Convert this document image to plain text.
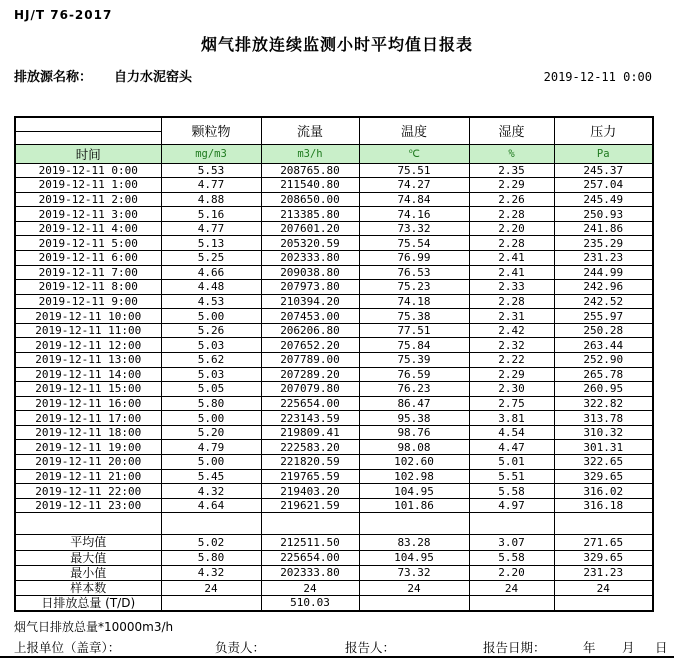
HJ/T 76-2017
烟气排放连续监测小时平均值日报表
排放源名称： 自力水泥窑头	2019-12-11 0:00
	颗粒物	流量	温度	湿度	压力

时间	mg/m3	m3/h	℃	%	Pa
2019-12-11 0:00	5.53	208765.80	75.51	2.35	245.37
2019-12-11 1:00	4.77	211540.80	74.27	2.29	257.04
2019-12-11 2:00	4.88	208650.00	74.84	2.26	245.49
2019-12-11 3:00	5.16	213385.80	74.16	2.28	250.93
2019-12-11 4:00	4.77	207601.20	73.32	2.20	241.86
2019-12-11 5:00	5.13	205320.59	75.54	2.28	235.29
2019-12-11 6:00	5.25	202333.80	76.99	2.41	231.23
2019-12-11 7:00	4.66	209038.80	76.53	2.41	244.99
2019-12-11 8:00	4.48	207973.80	75.23	2.33	242.96
2019-12-11 9:00	4.53	210394.20	74.18	2.28	242.52
2019-12-11 10:00	5.00	207453.00	75.38	2.31	255.97
2019-12-11 11:00	5.26	206206.80	77.51	2.42	250.28
2019-12-11 12:00	5.03	207652.20	75.84	2.32	263.44
2019-12-11 13:00	5.62	207789.00	75.39	2.22	252.90
2019-12-11 14:00	5.03	207289.20	76.59	2.29	265.78
2019-12-11 15:00	5.05	207079.80	76.23	2.30	260.95
2019-12-11 16:00	5.80	225654.00	86.47	2.75	322.82
2019-12-11 17:00	5.00	223143.59	95.38	3.81	313.78
2019-12-11 18:00	5.20	219809.41	98.76	4.54	310.32
2019-12-11 19:00	4.79	222583.20	98.08	4.47	301.31
2019-12-11 20:00	5.00	221820.59	102.60	5.01	322.65
2019-12-11 21:00	5.45	219765.59	102.98	5.51	329.65
2019-12-11 22:00	4.32	219403.20	104.95	5.58	316.02
2019-12-11 23:00	4.64	219621.59	101.86	4.97	316.18

平均值	5.02	212511.50	83.28	3.07	271.65
最大值	5.80	225654.00	104.95	5.58	329.65
最小值	4.32	202333.80	73.32	2.20	231.23
样本数	24	24	24	24	24
日排放总量 (T/D)		510.03			
烟气日排放总量*10000m3/h
上报单位（盖章）：	负责人：	报告人：	报告日期：	年 月 日
